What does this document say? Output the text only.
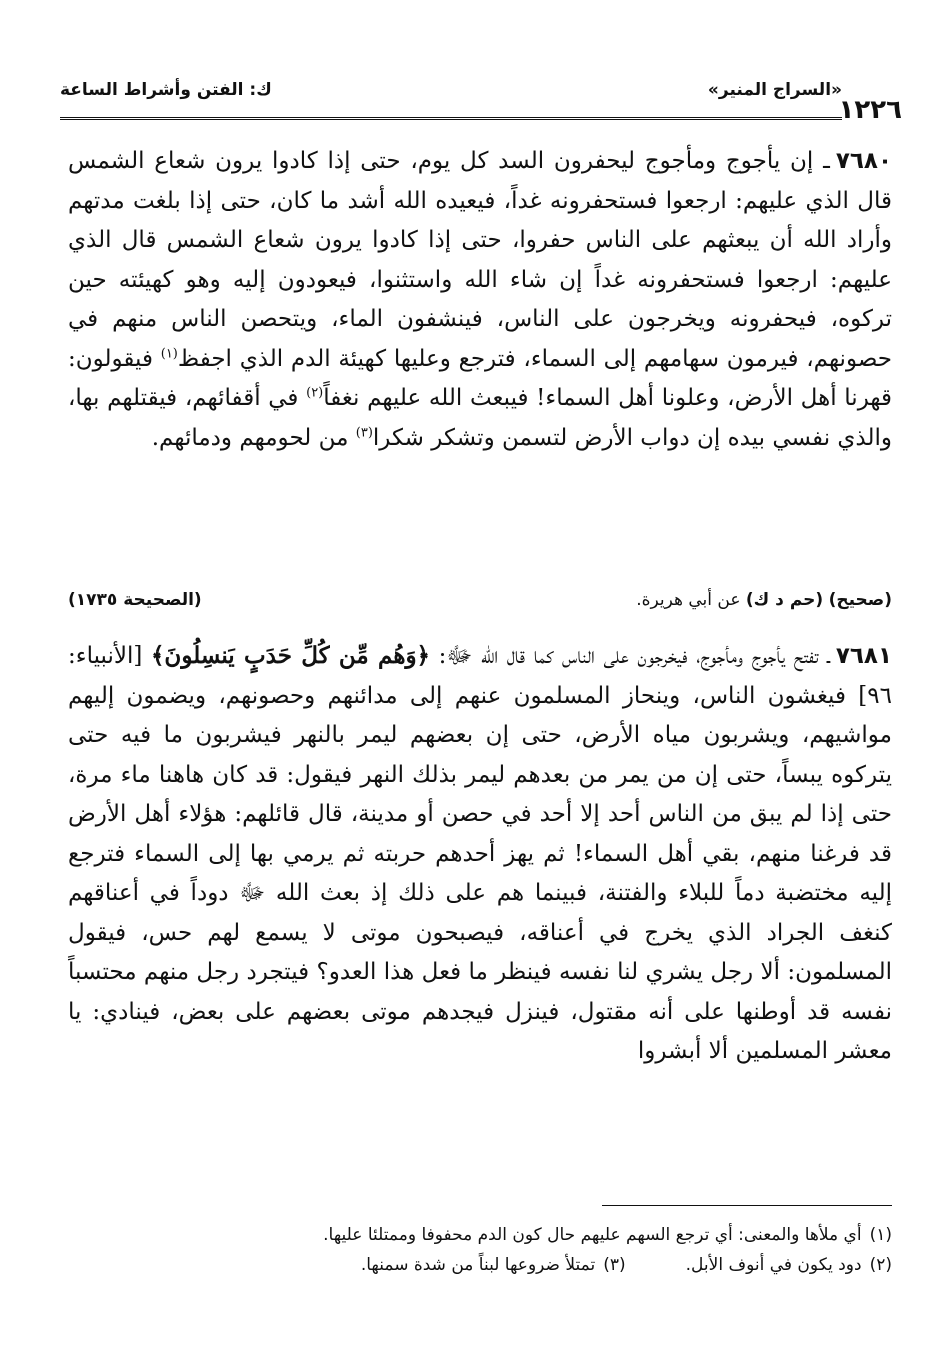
١٢٢٦
«السراج المنير»
ك: الفتن وأشراط الساعة
٧٦٨٠ـ إن يأجوج ومأجوج ليحفرون السد كل يوم، حتى إذا كادوا يرون شعاع الشمس قال الذي عليهم: ارجعوا فستحفرونه غداً، فيعيده الله أشد ما كان، حتى إذا بلغت مدتهم وأراد الله أن يبعثهم على الناس حفروا، حتى إذا كادوا يرون شعاع الشمس قال الذي عليهم: ارجعوا فستحفرونه غداً إن شاء الله واستثنوا، فيعودون إليه وهو كهيئته حين تركوه، فيحفرونه ويخرجون على الناس، فينشفون الماء، ويتحصن الناس منهم في حصونهم، فيرمون سهامهم إلى السماء، فترجع وعليها كهيئة الدم الذي اجفظ$^{(١)}$ فيقولون: قهرنا أهل الأرض، وعلونا أهل السماء! فيبعث الله عليهم نغفاً$^{(٢)}$ في أقفائهم، فيقتلهم بها، والذي نفسي بيده إن دواب الأرض لتسمن وتشكر شكرا$^{(٣)}$ من لحومهم ودمائهم.
(صحيح) (حم د ك) عن أبي هريرة.
(الصحيحة ١٧٣٥)
٧٦٨١ـ تفتح يأجوج ومأجوج، فيخرجون على الناس كما قال الله ﷻ: ﴿وَهُم مِّن كُلِّ حَدَبٍ يَنسِلُونَ﴾ [الأنبياء: ٩٦] فيغشون الناس، وينحاز المسلمون عنهم إلى مدائنهم وحصونهم، ويضمون إليهم مواشيهم، ويشربون مياه الأرض، حتى إن بعضهم ليمر بالنهر فيشربون ما فيه حتى يتركوه يبساً، حتى إن من يمر من بعدهم ليمر بذلك النهر فيقول: قد كان هاهنا ماء مرة، حتى إذا لم يبق من الناس أحد إلا أحد في حصن أو مدينة، قال قائلهم: هؤلاء أهل الأرض قد فرغنا منهم، بقي أهل السماء! ثم يهز أحدهم حربته ثم يرمي بها إلى السماء فترجع إليه مختضبة دماً للبلاء والفتنة، فبينما هم على ذلك إذ بعث الله ﷻ دوداً في أعناقهم كنغف الجراد الذي يخرج في أعناقه، فيصبحون موتى لا يسمع لهم حس، فيقول المسلمون: ألا رجل يشري لنا نفسه فينظر ما فعل هذا العدو؟ فيتجرد رجل منهم محتسباً نفسه قد أوطنها على أنه مقتول، فينزل فيجدهم موتى بعضهم على بعض، فينادي: يا معشر المسلمين ألا أبشروا
(١)أي ملأها والمعنى: أي ترجع السهم عليهم حال كون الدم محفوفا وممتلئا عليها.
(٢)دود يكون في أنوف الأبل.(٣)تمتلأ ضروعها لبناً من شدة سمنها.
